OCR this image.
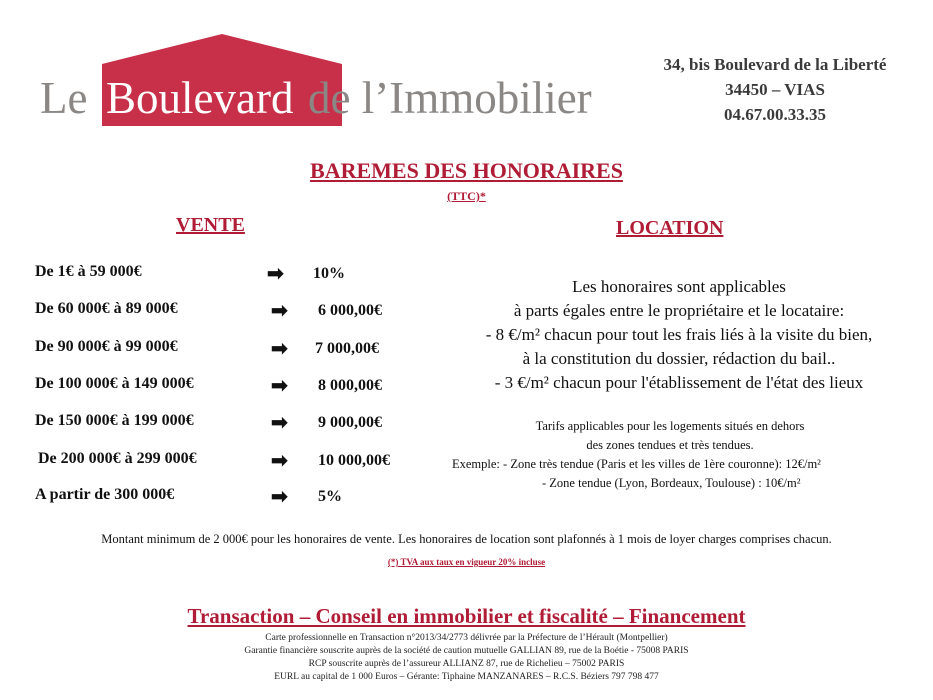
Le Boulevard de l’Immobilier
34, bis Boulevard de la Liberté
34450 – VIAS
04.67.00.33.35
BAREMES DES HONORAIRES
(TTC)*
VENTE	LOCATION
De 1€ à 59 000€	➡ 10%
De 60 000€ à 89 000€	➡ 6 000,00€
De 90 000€ à 99 000€	➡ 7 000,00€
De 100 000€ à 149 000€	➡ 8 000,00€
De 150 000€ à 199 000€	➡ 9 000,00€
De 200 000€ à 299 000€	➡ 10 000,00€
A partir de 300 000€	➡ 5%
Les honoraires sont applicables
à parts égales entre le propriétaire et le locataire:
- 8 €/m² chacun pour tout les frais liés à la visite du bien,
à la constitution du dossier, rédaction du bail..
- 3 €/m² chacun pour l'établissement de l'état des lieux
Tarifs applicables pour les logements situés en dehors
des zones tendues et très tendues.
Exemple: - Zone très tendue (Paris et les villes de 1ère couronne): 12€/m²
- Zone tendue (Lyon, Bordeaux, Toulouse) : 10€/m²
Montant minimum de 2 000€ pour les honoraires de vente. Les honoraires de location sont plafonnés à 1 mois de loyer charges comprises chacun.
(*) TVA aux taux en vigueur 20% incluse
Transaction – Conseil en immobilier et fiscalité – Financement
Carte professionnelle en Transaction n°2013/34/2773 délivrée par la Préfecture de l’Hérault (Montpellier)
Garantie financière souscrite auprès de la société de caution mutuelle GALLIAN 89, rue de la Boétie - 75008 PARIS
RCP souscrite auprès de l’assureur ALLIANZ 87, rue de Richelieu – 75002 PARIS
EURL au capital de 1 000 Euros – Gérante: Tiphaine MANZANARES – R.C.S. Béziers 797 798 477
